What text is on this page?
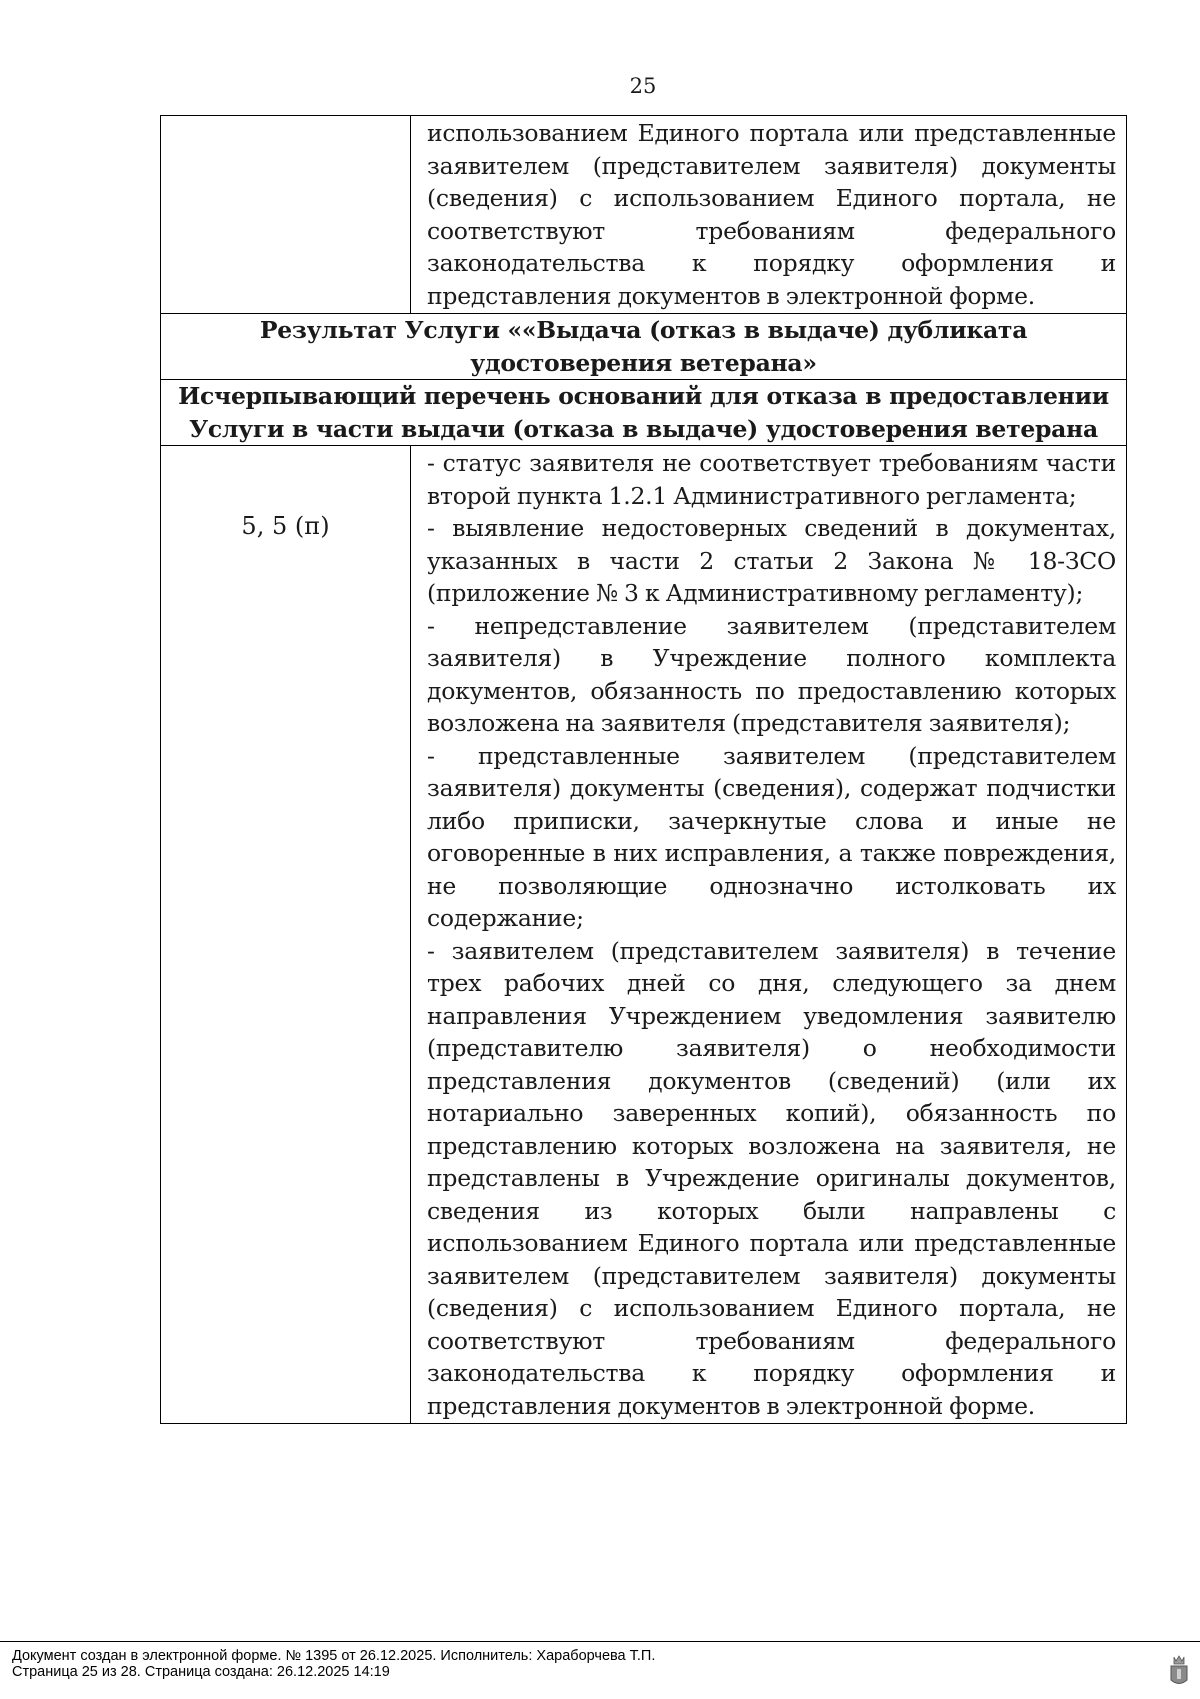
25

	использованием Единого портала или представленные заявителем (представителем заявителя) документы (сведения) с использованием Единого портала, не соответствуют требованиям федерального законодательства к порядку оформления и представления документов в электронной форме.

Результат Услуги ««Выдача (отказ в выдаче) дубликата удостоверения ветерана»	

Исчерпывающий перечень оснований для отказа в предоставлении Услуги в части выдачи (отказа в выдаче) удостоверения ветерана	

5, 5 (п)	- статус заявителя не соответствует требованиям части второй пункта 1.2.1 Административного регламента;

- выявление недостоверных сведений в документах, указанных в части 2 статьи 2 Закона № 18-ЗСО (приложение № 3 к Административному регламенту);

- непредставление заявителем (представителем заявителя) в Учреждение полного комплекта документов, обязанность по предоставлению которых возложена на заявителя (представителя заявителя);

- представленные заявителем (представителем заявителя) документы (сведения), содержат подчистки либо приписки, зачеркнутые слова и иные не оговоренные в них исправления, а также повреждения, не позволяющие однозначно истолковать их содержание;

- заявителем (представителем заявителя) в течение трех рабочих дней со дня, следующего за днем направления Учреждением уведомления заявителю (представителю заявителя) о необходимости представления документов (сведений) (или их нотариально заверенных копий), обязанность по представлению которых возложена на заявителя, не представлены в Учреждение оригиналы документов, сведения из которых были направлены с использованием Единого портала или представленные заявителем (представителем заявителя) документы (сведения) с использованием Единого портала, не соответствуют требованиям федерального законодательства к порядку оформления и представления документов в электронной форме.

Документ создан в электронной форме. № 1395 от 26.12.2025. Исполнитель: Хараборчева Т.П.
Страница 25 из 28. Страница создана: 26.12.2025 14:19
